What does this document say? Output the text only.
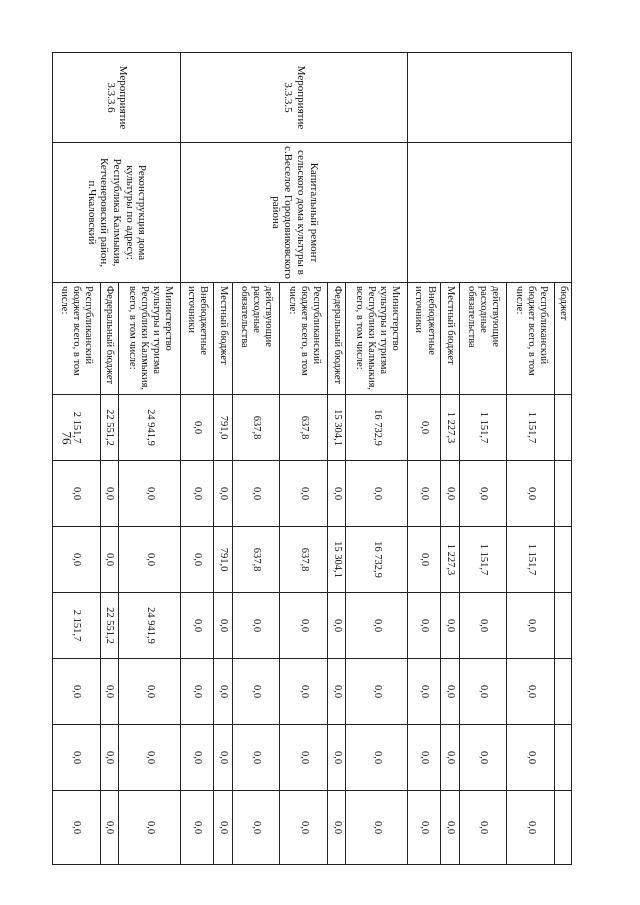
76
		бюджет							
		Республиканский бюджет всего, в том числе:	1 151,7	0,0	1 151,7	0,0	0,0	0,0	0,0
		действующие расходные обязательства	1 151,7	0,0	1 151,7	0,0	0,0	0,0	0,0
		Местный бюджет	1 227,3	0,0	1 227,3	0,0	0,0	0,0	0,0
		Внебюджетные источники	0,0	0,0	0,0	0,0	0,0	0,0	0,0
Мероприятие 3.3.3.5	Капитальный ремонт сельского дома культуры в с.Веселое Городовиковского района	Министерство культуры и туризма Республики Калмыкия, всего, в том числе:	16 732,9	0,0	16 732,9	0,0	0,0	0,0	0,0
		Федеральный бюджет	15 304,1	0,0	15 304,1	0,0	0,0	0,0	0,0
		Республиканский бюджет всего, в том числе:	637,8	0,0	637,8	0,0	0,0	0,0	0,0
		действующие расходные обязательства	637,8	0,0	637,8	0,0	0,0	0,0	0,0
		Местный бюджет	791,0	0,0	791,0	0,0	0,0	0,0	0,0
		Внебюджетные источники	0,0	0,0	0,0	0,0	0,0	0,0	0,0
Мероприятие 3.3.3.6	Реконструкция дома культуры по адресу: Республика Калмыкия, Кетченеровский район, п.Чкаловский	Министерство культуры и туризма Республики Калмыкия, всего, в том числе:	24 941,9	0,0	0,0	24 941,9	0,0	0,0	0,0
		Федеральный бюджет	22 551,2	0,0	0,0	22 551,2	0,0	0,0	0,0
		Республиканский бюджет всего, в том числе:	2 151,7	0,0	0,0	2 151,7	0,0	0,0	0,0
